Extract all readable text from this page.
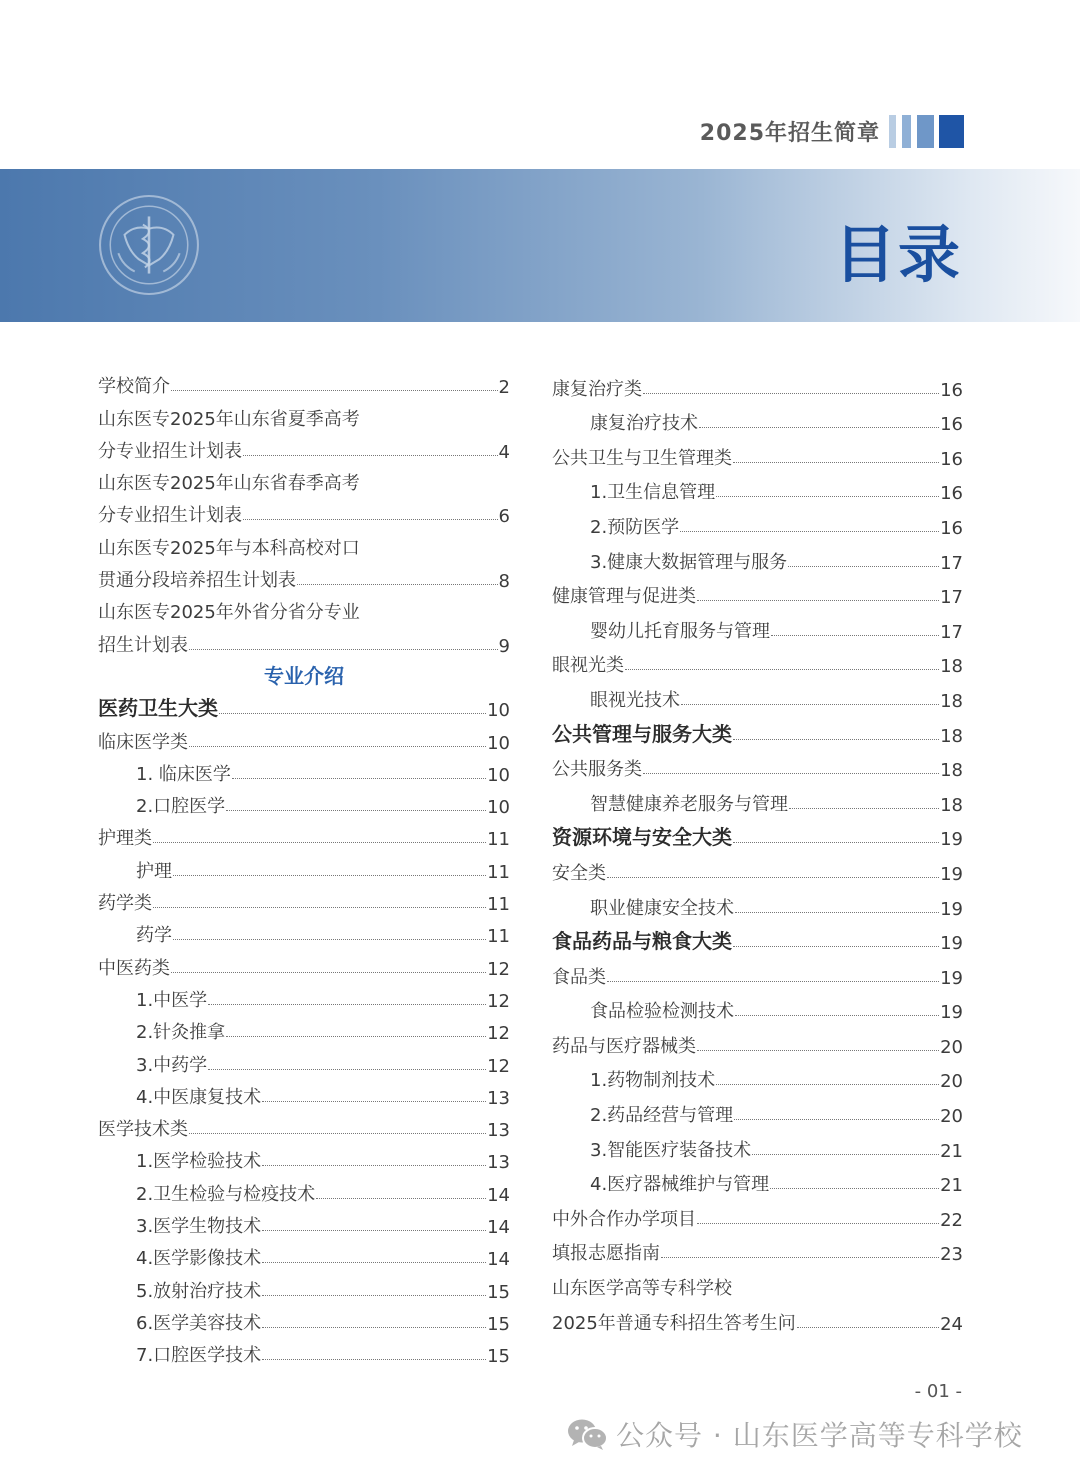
2025年招生简章
目录
学校简介	2
山东医专2025年山东省夏季高考
分专业招生计划表	4
山东医专2025年山东省春季高考
分专业招生计划表	6
山东医专2025年与本科高校对口
贯通分段培养招生计划表	8
山东医专2025年外省分省分专业
招生计划表	9
专业介绍
医药卫生大类	10
临床医学类	10
1. 临床医学	10
2.口腔医学	10
护理类	11
护理	11
药学类	11
药学	11
中医药类	12
1.中医学	12
2.针灸推拿	12
3.中药学	12
4.中医康复技术	13
医学技术类	13
1.医学检验技术	13
2.卫生检验与检疫技术	14
3.医学生物技术	14
4.医学影像技术	14
5.放射治疗技术	15
6.医学美容技术	15
7.口腔医学技术	15
康复治疗类	16
康复治疗技术	16
公共卫生与卫生管理类	16
1.卫生信息管理	16
2.预防医学	16
3.健康大数据管理与服务	17
健康管理与促进类	17
婴幼儿托育服务与管理	17
眼视光类	18
眼视光技术	18
公共管理与服务大类	18
公共服务类	18
智慧健康养老服务与管理	18
资源环境与安全大类	19
安全类	19
职业健康安全技术	19
食品药品与粮食大类	19
食品类	19
食品检验检测技术	19
药品与医疗器械类	20
1.药物制剂技术	20
2.药品经营与管理	20
3.智能医疗装备技术	21
4.医疗器械维护与管理	21
中外合作办学项目	22
填报志愿指南	23
山东医学高等专科学校
2025年普通专科招生答考生问	24
- 01 -
公众号 · 山东医学高等专科学校
